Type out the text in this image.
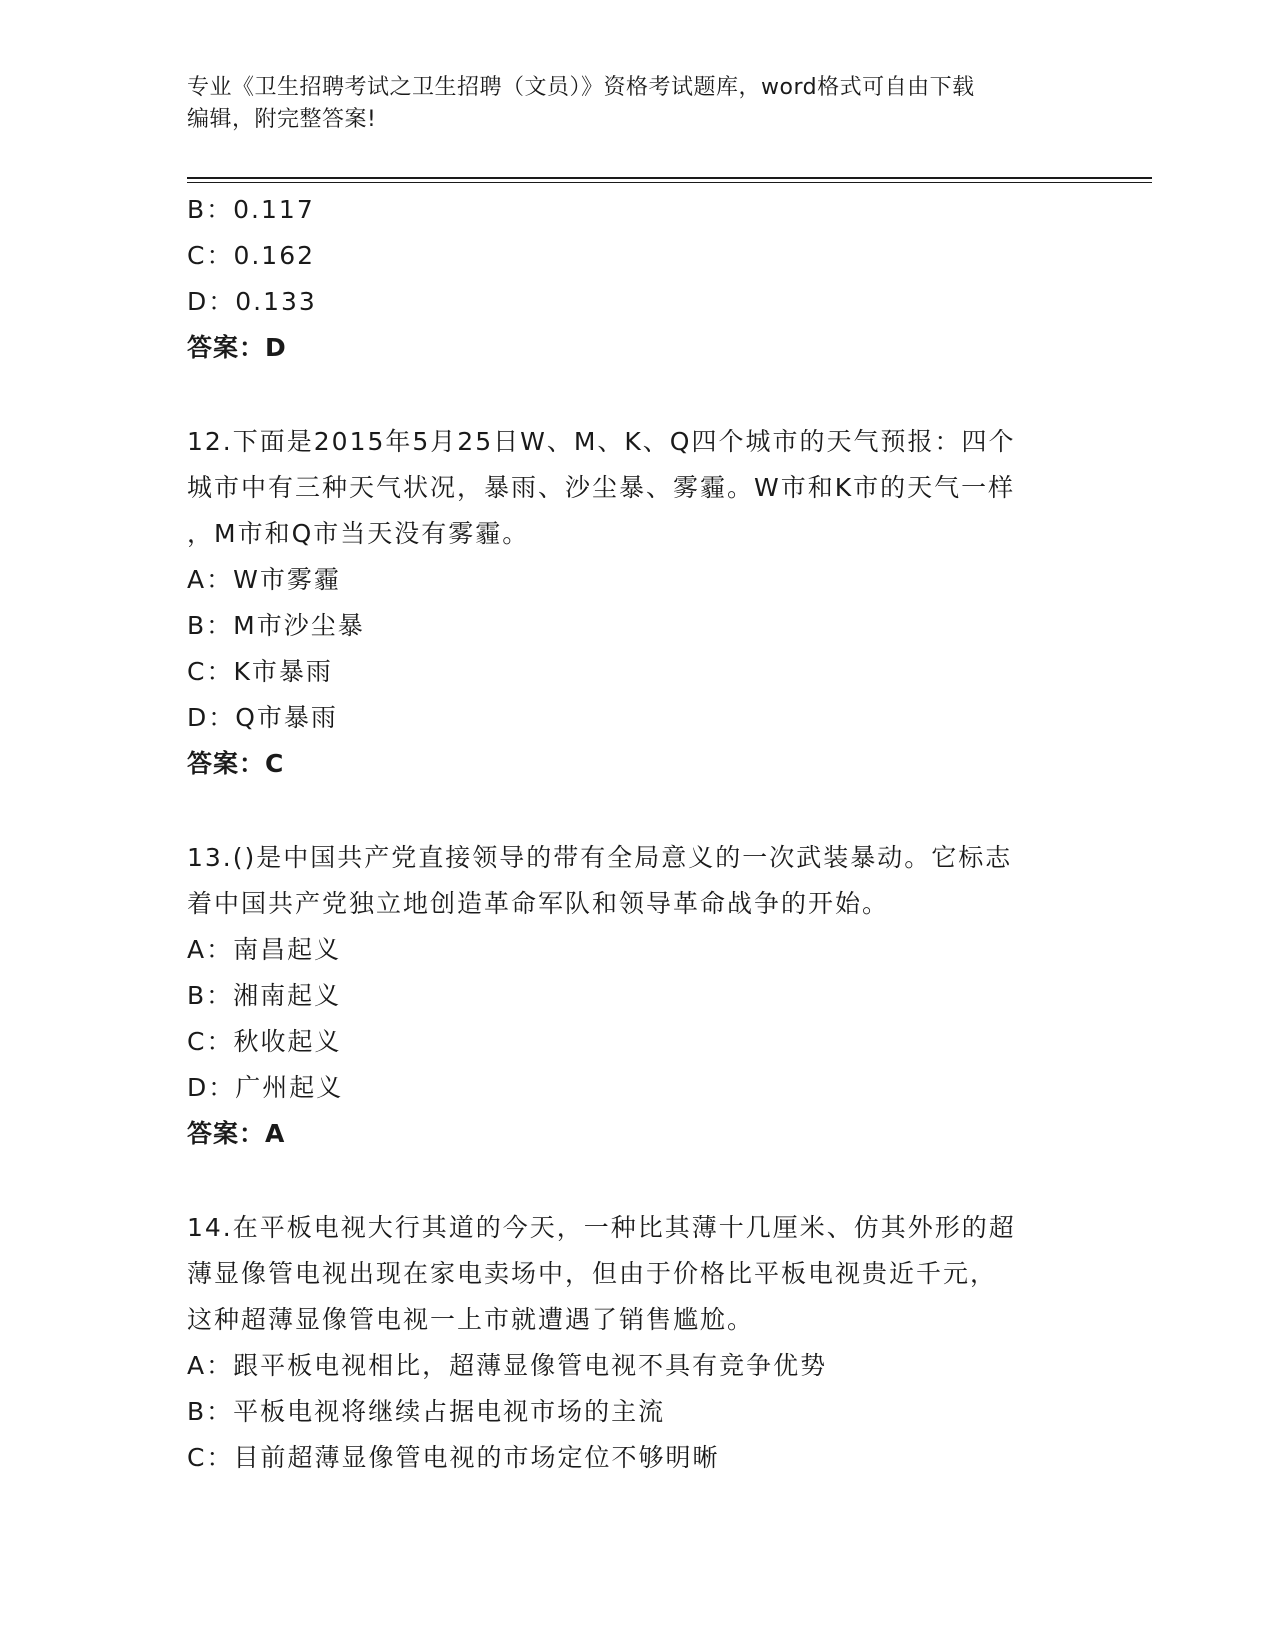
专业《卫生招聘考试之卫生招聘（文员）》资格考试题库，word格式可自由下载
编辑，附完整答案!
B：0.117
C：0.162
D：0.133
答案：D
12.下面是2015年5月25日W、M、K、Q四个城市的天气预报：四个
城市中有三种天气状况，暴雨、沙尘暴、雾霾。W市和K市的天气一样
，M市和Q市当天没有雾霾。
A：W市雾霾
B：M市沙尘暴
C：K市暴雨
D：Q市暴雨
答案：C
13.()是中国共产党直接领导的带有全局意义的一次武装暴动。它标志
着中国共产党独立地创造革命军队和领导革命战争的开始。
A：南昌起义
B：湘南起义
C：秋收起义
D：广州起义
答案：A
14.在平板电视大行其道的今天，一种比其薄十几厘米、仿其外形的超
薄显像管电视出现在家电卖场中，但由于价格比平板电视贵近千元，
这种超薄显像管电视一上市就遭遇了销售尴尬。
A：跟平板电视相比，超薄显像管电视不具有竞争优势
B：平板电视将继续占据电视市场的主流
C：目前超薄显像管电视的市场定位不够明晰
